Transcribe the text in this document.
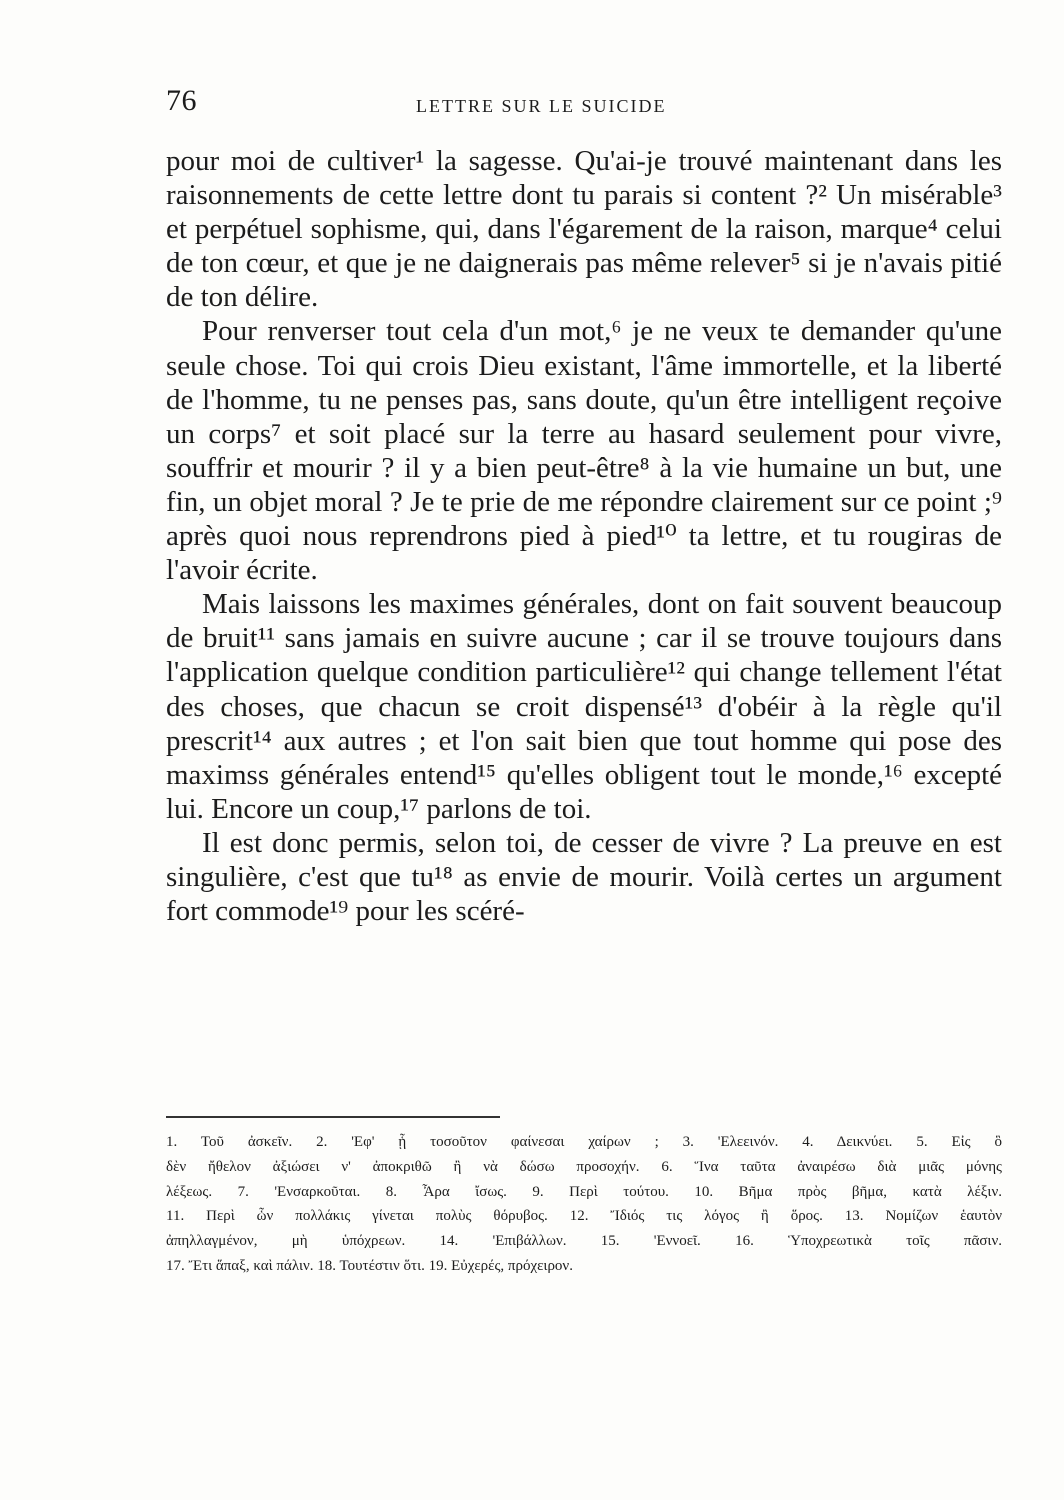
76	LETTRE SUR LE SUICIDE

pour moi de cultiver¹ la sagesse. Qu'ai-je trouvé maintenant dans les raisonnements de cette lettre dont tu parais si content ?² Un misérable³ et perpétuel sophisme, qui, dans l'égarement de la raison, marque⁴ celui de ton cœur, et que je ne daignerais pas même relever⁵ si je n'avais pitié de ton délire.

Pour renverser tout cela d'un mot,⁶ je ne veux te demander qu'une seule chose. Toi qui crois Dieu existant, l'âme immortelle, et la liberté de l'homme, tu ne penses pas, sans doute, qu'un être intelligent reçoive un corps⁷ et soit placé sur la terre au hasard seulement pour vivre, souffrir et mourir ? il y a bien peut-être⁸ à la vie humaine un but, une fin, un objet moral ? Je te prie de me répondre clairement sur ce point ;⁹ après quoi nous reprendrons pied à pied¹⁰ ta lettre, et tu rougiras de l'avoir écrite.

Mais laissons les maximes générales, dont on fait souvent beaucoup de bruit¹¹ sans jamais en suivre aucune ; car il se trouve toujours dans l'application quelque condition particulière¹² qui change tellement l'état des choses, que chacun se croit dispensé¹³ d'obéir à la règle qu'il prescrit¹⁴ aux autres ; et l'on sait bien que tout homme qui pose des maximss générales entend¹⁵ qu'elles obligent tout le monde,¹⁶ excepté lui. Encore un coup,¹⁷ parlons de toi.

Il est donc permis, selon toi, de cesser de vivre ? La preuve en est singulière, c'est que tu¹⁸ as envie de mourir. Voilà certes un argument fort commode¹⁹ pour les scéré-

1. Τοῦ ἀσκεῖν. 2. 'Εφ' ᾗ τοσοῦτον φαίνεσαι χαίρων ; 3. 'Ελεεινόν. 4. Δεικνύει. 5. Εἰς ὃ

δὲν ἤθελον ἀξιώσει ν' ἀποκριθῶ ἢ νὰ δώσω προσοχήν. 6. Ἵνα ταῦτα ἀναιρέσω διὰ μιᾶς μόνης

λέξεως. 7. 'Ενσαρκοῦται. 8. Ἆρα ἴσως. 9. Περὶ τούτου. 10. Βῆμα πρὸς βῆμα, κατὰ λέξιν.

11. Περὶ ὧν πολλάκις γίνεται πολὺς θόρυβος. 12. Ἴδιός τις λόγος ἢ ὅρος. 13. Νομίζων ἑαυτὸν

ἀπηλλαγμένον, μὴ ὑπόχρεων. 14. 'Επιβάλλων. 15. 'Εννοεῖ. 16. Ὑποχρεωτικὰ τοῖς πᾶσιν.

17. Ἔτι ἅπαξ, καὶ πάλιν. 18. Τουτέστιν ὅτι. 19. Εὐχερές, πρόχειρον.
